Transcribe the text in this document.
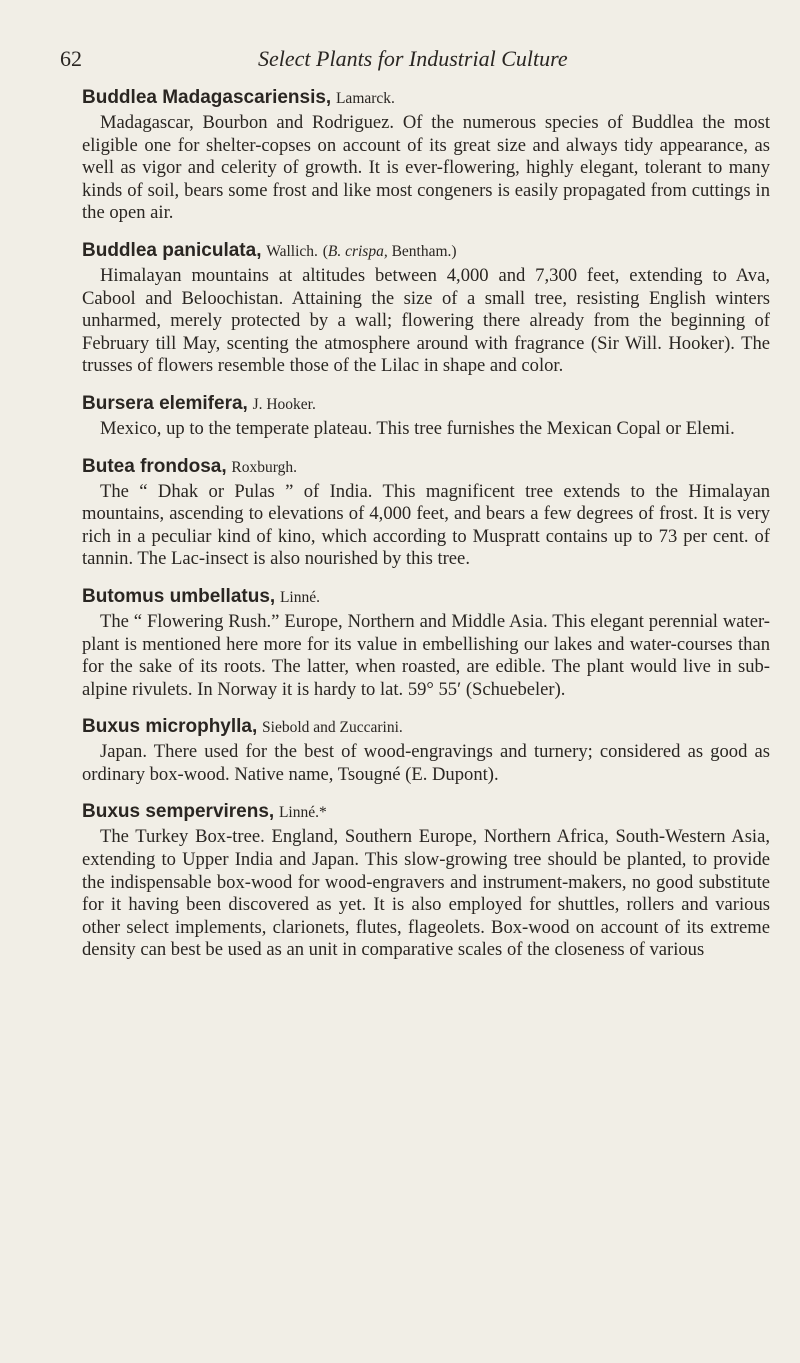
62	Select Plants for Industrial Culture
Buddlea Madagascariensis, Lamarck.

Madagascar, Bourbon and Rodriguez. Of the numerous species of Buddlea the most eligible one for shelter-copses on account of its great size and always tidy appearance, as well as vigor and celerity of growth. It is ever-flowering, highly elegant, tolerant to many kinds of soil, bears some frost and like most congeners is easily propagated from cuttings in the open air.

Buddlea paniculata, Wallich. (B. crispa, Bentham.)

Himalayan mountains at altitudes between 4,000 and 7,300 feet, extending to Ava, Cabool and Beloochistan. Attaining the size of a small tree, resisting English winters unharmed, merely protected by a wall; flowering there already from the beginning of February till May, scenting the atmosphere around with fragrance (Sir Will. Hooker). The trusses of flowers resemble those of the Lilac in shape and color.

Bursera elemifera, J. Hooker.

Mexico, up to the temperate plateau. This tree furnishes the Mexican Copal or Elemi.

Butea frondosa, Roxburgh.

The “ Dhak or Pulas ” of India. This magnificent tree extends to the Himalayan mountains, ascending to elevations of 4,000 feet, and bears a few degrees of frost. It is very rich in a peculiar kind of kino, which according to Muspratt contains up to 73 per cent. of tannin. The Lac-insect is also nourished by this tree.

Butomus umbellatus, Linné.

The “ Flowering Rush.” Europe, Northern and Middle Asia. This elegant perennial water-plant is mentioned here more for its value in embellishing our lakes and water-courses than for the sake of its roots. The latter, when roasted, are edible. The plant would live in sub-alpine rivulets. In Norway it is hardy to lat. 59° 55′ (Schuebeler).

Buxus microphylla, Siebold and Zuccarini.

Japan. There used for the best of wood-engravings and turnery; considered as good as ordinary box-wood. Native name, Tsougné (E. Dupont).

Buxus sempervirens, Linné.*

The Turkey Box-tree. England, Southern Europe, Northern Africa, South-Western Asia, extending to Upper India and Japan. This slow-growing tree should be planted, to provide the indispensable box-wood for wood-engravers and instrument-makers, no good substitute for it having been discovered as yet. It is also employed for shuttles, rollers and various other select implements, clarionets, flutes, flageolets. Box-wood on account of its extreme density can best be used as an unit in comparative scales of the closeness of various
